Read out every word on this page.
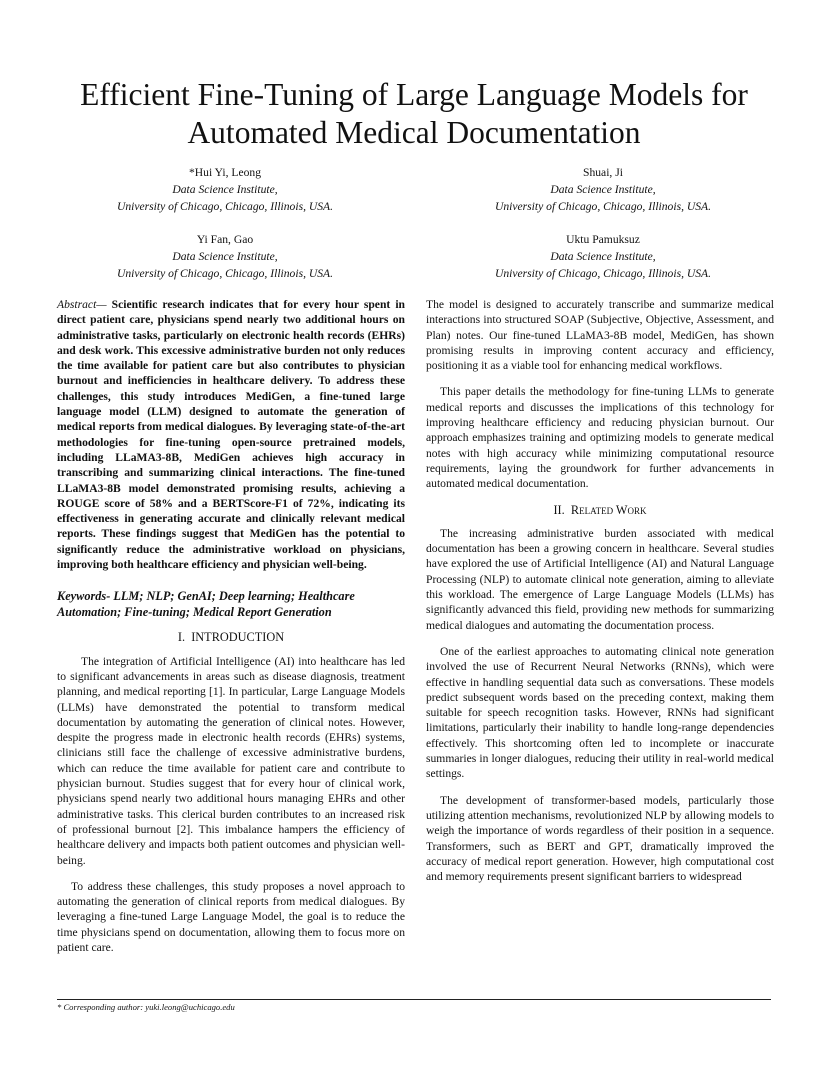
Efficient Fine-Tuning of Large Language Models for
Automated Medical Documentation
*Hui Yi, Leong
Data Science Institute,
University of Chicago, Chicago, Illinois, USA.
Shuai, Ji
Data Science Institute,
University of Chicago, Chicago, Illinois, USA.
Yi Fan, Gao
Data Science Institute,
University of Chicago, Chicago, Illinois, USA.
Uktu Pamuksuz
Data Science Institute,
University of Chicago, Chicago, Illinois, USA.

Abstract— Scientific research indicates that for every hour spent in direct patient care, physicians spend nearly two additional hours on administrative tasks, particularly on electronic health records (EHRs) and desk work. This excessive administrative burden not only reduces the time available for patient care but also contributes to physician burnout and inefficiencies in healthcare delivery. To address these challenges, this study introduces MediGen, a fine-tuned large language model (LLM) designed to automate the generation of medical reports from medical dialogues. By leveraging state-of-the-art methodologies for fine-tuning open-source pretrained models, including LLaMA3-8B, MediGen achieves high accuracy in transcribing and summarizing clinical interactions. The fine-tuned LLaMA3-8B model demonstrated promising results, achieving a ROUGE score of 58% and a BERTScore-F1 of 72%, indicating its effectiveness in generating accurate and clinically relevant medical reports. These findings suggest that MediGen has the potential to significantly reduce the administrative workload on physicians, improving both healthcare efficiency and physician well-being.

Keywords- LLM; NLP; GenAI; Deep learning; Healthcare Automation; Fine-tuning; Medical Report Generation

I. INTRODUCTION

The integration of Artificial Intelligence (AI) into healthcare has led to significant advancements in areas such as disease diagnosis, treatment planning, and medical reporting [1]. In particular, Large Language Models (LLMs) have demonstrated the potential to transform medical documentation by automating the generation of clinical notes. However, despite the progress made in electronic health records (EHRs) systems, clinicians still face the challenge of excessive administrative burdens, which can reduce the time available for patient care and contribute to physician burnout. Studies suggest that for every hour of clinical work, physicians spend nearly two additional hours managing EHRs and other administrative tasks. This clerical burden contributes to an increased risk of professional burnout [2]. This imbalance hampers the efficiency of healthcare delivery and impacts both patient outcomes and physician well-being.

To address these challenges, this study proposes a novel approach to automating the generation of clinical reports from medical dialogues. By leveraging a fine-tuned Large Language Model, the goal is to reduce the time physicians spend on documentation, allowing them to focus more on patient care.

The model is designed to accurately transcribe and summarize medical interactions into structured SOAP (Subjective, Objective, Assessment, and Plan) notes. Our fine-tuned LLaMA3-8B model, MediGen, has shown promising results in improving content accuracy and efficiency, positioning it as a viable tool for enhancing medical workflows.

This paper details the methodology for fine-tuning LLMs to generate medical reports and discusses the implications of this technology for improving healthcare efficiency and reducing physician burnout. Our approach emphasizes training and optimizing models to generate medical notes with high accuracy while minimizing computational resource requirements, laying the groundwork for further advancements in automated medical documentation.

II. Related Work

The increasing administrative burden associated with medical documentation has been a growing concern in healthcare. Several studies have explored the use of Artificial Intelligence (AI) and Natural Language Processing (NLP) to automate clinical note generation, aiming to alleviate this workload. The emergence of Large Language Models (LLMs) has significantly advanced this field, providing new methods for summarizing medical dialogues and automating the documentation process.

One of the earliest approaches to automating clinical note generation involved the use of Recurrent Neural Networks (RNNs), which were effective in handling sequential data such as conversations. These models predict subsequent words based on the preceding context, making them suitable for speech recognition tasks. However, RNNs had significant limitations, particularly their inability to handle long-range dependencies effectively. This shortcoming often led to incomplete or inaccurate summaries in longer dialogues, reducing their utility in real-world medical settings.

The development of transformer-based models, particularly those utilizing attention mechanisms, revolutionized NLP by allowing models to weigh the importance of words regardless of their position in a sequence. Transformers, such as BERT and GPT, dramatically improved the accuracy of medical report generation. However, high computational cost and memory requirements present significant barriers to widespread

* Corresponding author: yuki.leong@uchicago.edu
